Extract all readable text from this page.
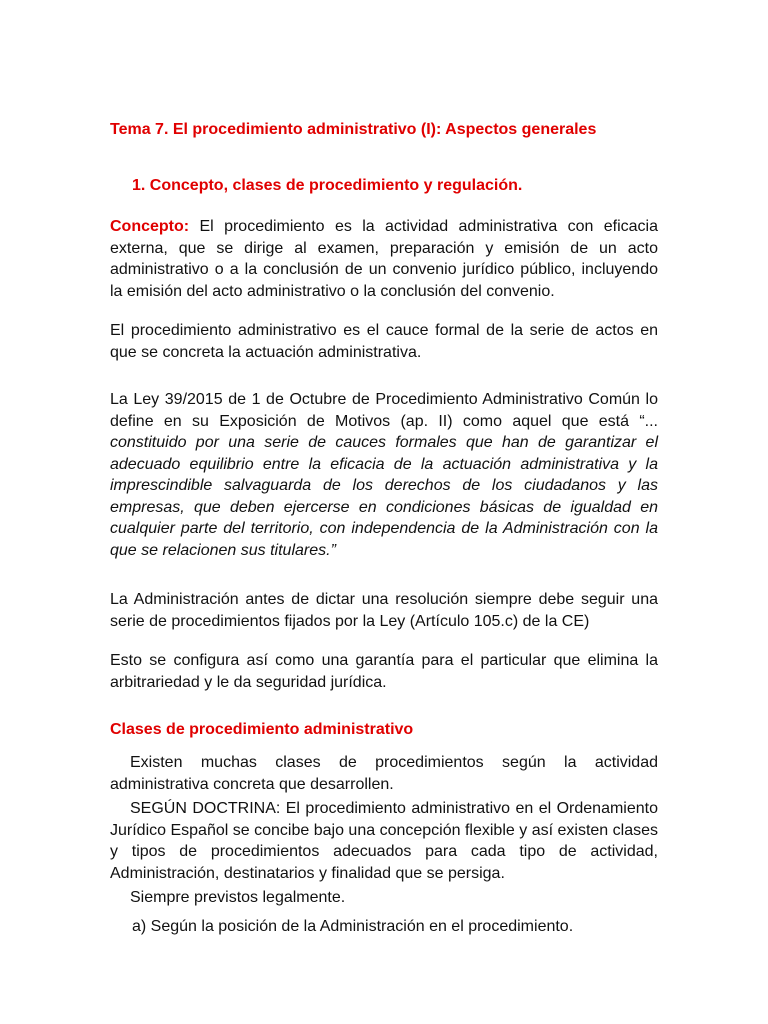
Tema 7. El procedimiento administrativo (I): Aspectos generales
1. Concepto, clases de procedimiento y regulación.
Concepto: El procedimiento es la actividad administrativa con eficacia externa, que se dirige al examen, preparación y emisión de un acto administrativo o a la conclusión de un convenio jurídico público, incluyendo la emisión del acto administrativo o la conclusión del convenio.
El procedimiento administrativo es el cauce formal de la serie de actos en que se concreta la actuación administrativa.
La Ley 39/2015 de 1 de Octubre de Procedimiento Administrativo Común lo define en su Exposición de Motivos (ap. II) como aquel que está “... constituido por una serie de cauces formales que han de garantizar el adecuado equilibrio entre la eficacia de la actuación administrativa y la imprescindible salvaguarda de los derechos de los ciudadanos y las empresas, que deben ejercerse en condiciones básicas de igualdad en cualquier parte del territorio, con independencia de la Administración con la que se relacionen sus titulares.”
La Administración antes de dictar una resolución siempre debe seguir una serie de procedimientos fijados por la Ley (Artículo 105.c) de la CE)
Esto se configura así como una garantía para el particular que elimina la arbitrariedad y le da seguridad jurídica.
Clases de procedimiento administrativo
Existen muchas clases de procedimientos según la actividad administrativa concreta que desarrollen.
SEGÚN DOCTRINA: El procedimiento administrativo en el Ordenamiento Jurídico Español se concibe bajo una concepción flexible y así existen clases y tipos de procedimientos adecuados para cada tipo de actividad, Administración, destinatarios y finalidad que se persiga.
Siempre previstos legalmente.
a) Según la posición de la Administración en el procedimiento.
